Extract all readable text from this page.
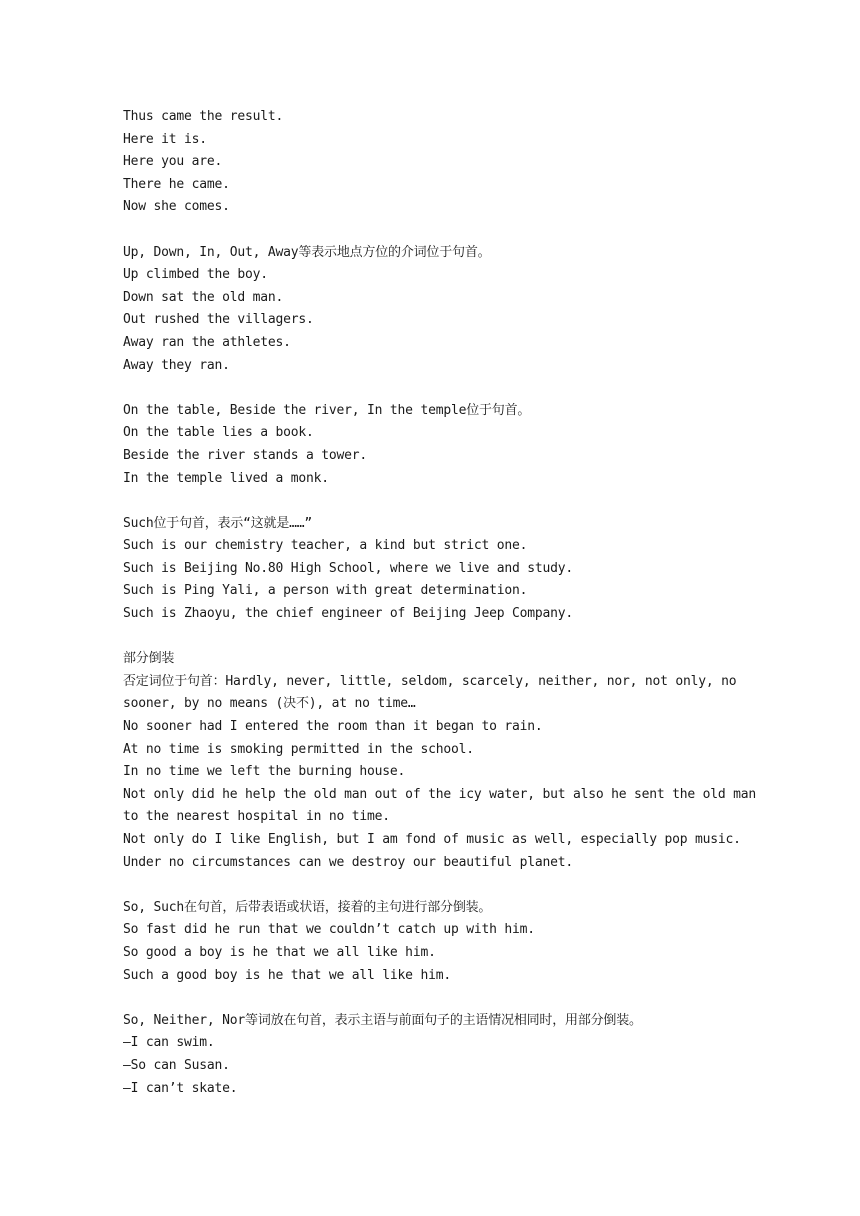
Thus came the result.
Here it is.
Here you are.
There he came.
Now she comes.
Up, Down, In, Out, Away等表示地点方位的介词位于句首。
Up climbed the boy.
Down sat the old man.
Out rushed the villagers.
Away ran the athletes.
Away they ran.
On the table, Beside the river, In the temple位于句首。
On the table lies a book.
Beside the river stands a tower.
In the temple lived a monk.
Such位于句首，表示“这就是……”
Such is our chemistry teacher, a kind but strict one.
Such is Beijing No.80 High School, where we live and study.
Such is Ping Yali, a person with great determination.
Such is Zhaoyu, the chief engineer of Beijing Jeep Company.
部分倒装
否定词位于句首：Hardly, never, little, seldom, scarcely, neither, nor, not only, no sooner, by no means (决不), at no time…
No sooner had I entered the room than it began to rain.
At no time is smoking permitted in the school.
In no time we left the burning house.
Not only did he help the old man out of the icy water, but also he sent the old man to the nearest hospital in no time.
Not only do I like English, but I am fond of music as well, especially pop music.
Under no circumstances can we destroy our beautiful planet.
So, Such在句首，后带表语或状语，接着的主句进行部分倒装。
So fast did he run that we couldn’t catch up with him.
So good a boy is he that we all like him.
Such a good boy is he that we all like him.
So, Neither, Nor等词放在句首，表示主语与前面句子的主语情况相同时，用部分倒装。
—I can swim.
—So can Susan.
—I can’t skate.
